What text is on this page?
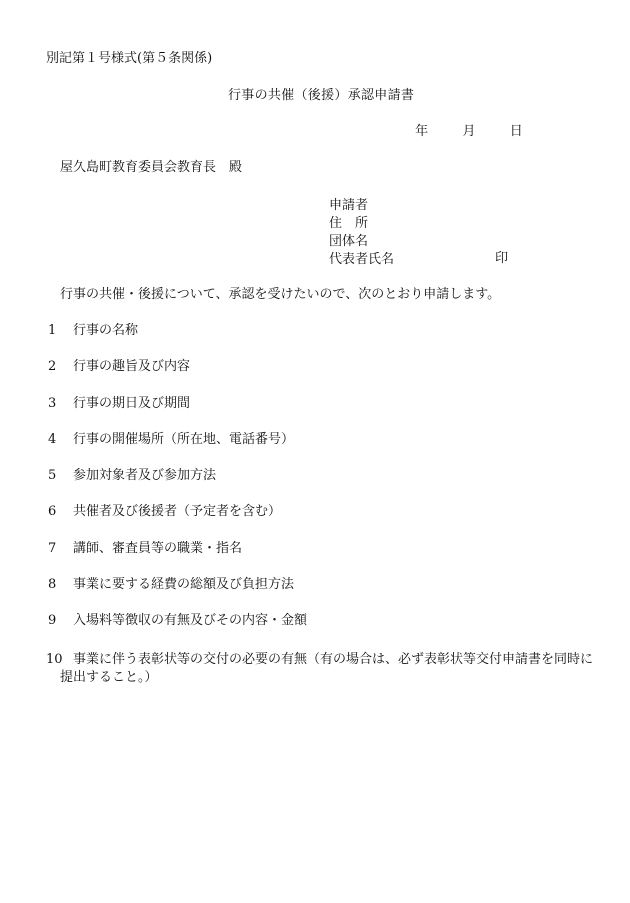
別記第１号様式(第５条関係)
行事の共催（後援）承認申請書
年	月	日
屋久島町教育委員会教育長　殿
申請者
住　所
団体名
代表者氏名	印
行事の共催・後援について、承認を受けたいので、次のとおり申請します。
1 行事の名称
2 行事の趣旨及び内容
3 行事の期日及び期間
4 行事の開催場所（所在地、電話番号）
5 参加対象者及び参加方法
6 共催者及び後援者（予定者を含む）
7 講師、審査員等の職業・指名
8 事業に要する経費の総額及び負担方法
9 入場料等徴収の有無及びその内容・金額
10 事業に伴う表彰状等の交付の必要の有無（有の場合は、必ず表彰状等交付申請書を同時に
提出すること。）
